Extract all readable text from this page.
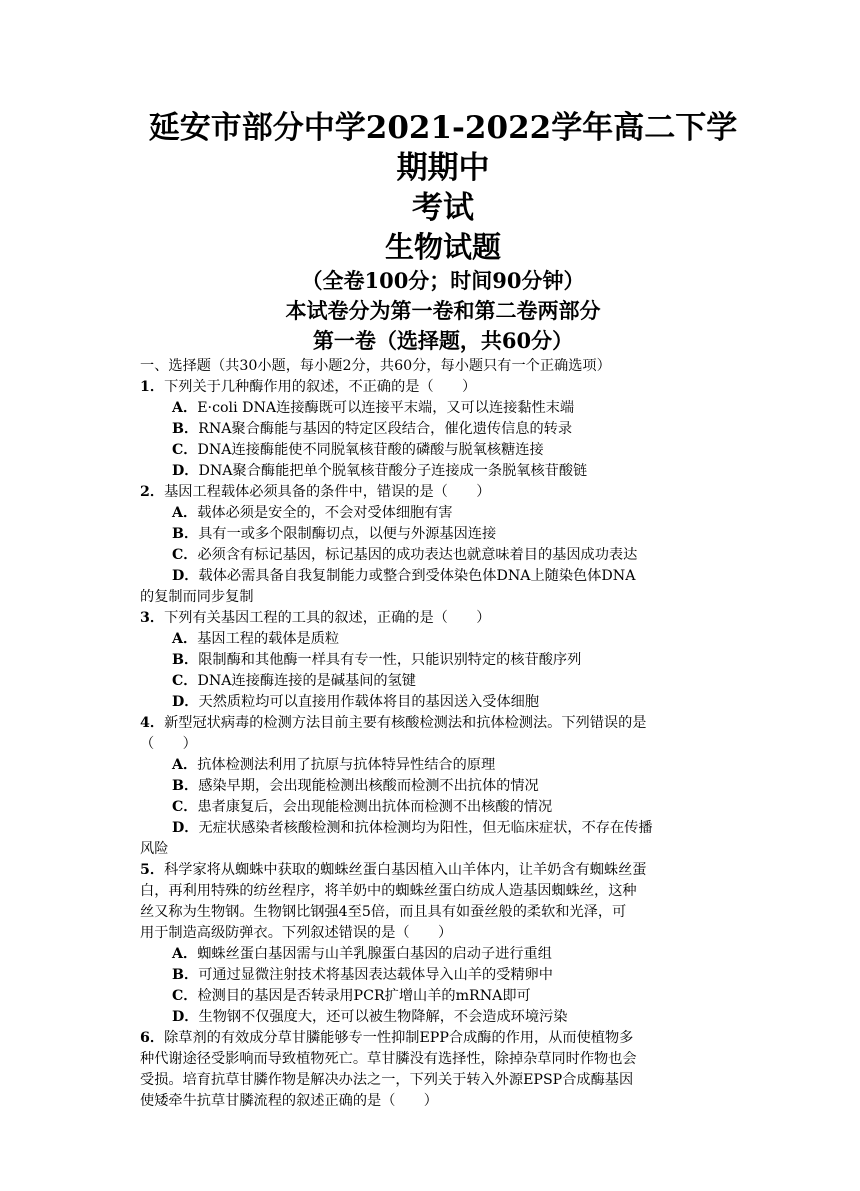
延安市部分中学2021-2022学年高二下学期期中
考试
生物试题
（全卷100分；时间90分钟）
本试卷分为第一卷和第二卷两部分
第一卷（选择题，共60分）
一、选择题（共30小题，每小题2分，共60分，每小题只有一个正确选项）
1．下列关于几种酶作用的叙述，不正确的是（　　）
A．E·coli DNA连接酶既可以连接平末端，又可以连接黏性末端
B．RNA聚合酶能与基因的特定区段结合，催化遗传信息的转录
C．DNA连接酶能使不同脱氧核苷酸的磷酸与脱氧核糖连接
D．DNA聚合酶能把单个脱氧核苷酸分子连接成一条脱氧核苷酸链
2．基因工程载体必须具备的条件中，错误的是（　　）
A．载体必须是安全的，不会对受体细胞有害
B．具有一或多个限制酶切点，以便与外源基因连接
C．必须含有标记基因，标记基因的成功表达也就意味着目的基因成功表达
D．载体必需具备自我复制能力或整合到受体染色体DNA上随染色体DNA
的复制而同步复制
3．下列有关基因工程的工具的叙述，正确的是（　　）
A．基因工程的载体是质粒
B．限制酶和其他酶一样具有专一性，只能识别特定的核苷酸序列
C．DNA连接酶连接的是碱基间的氢键
D．天然质粒均可以直接用作载体将目的基因送入受体细胞
4．新型冠状病毒的检测方法目前主要有核酸检测法和抗体检测法。下列错误的是
（　　）
A．抗体检测法利用了抗原与抗体特异性结合的原理
B．感染早期，会出现能检测出核酸而检测不出抗体的情况
C．患者康复后，会出现能检测出抗体而检测不出核酸的情况
D．无症状感染者核酸检测和抗体检测均为阳性，但无临床症状，不存在传播
风险
5．科学家将从蜘蛛中获取的蜘蛛丝蛋白基因植入山羊体内，让羊奶含有蜘蛛丝蛋
白，再利用特殊的纺丝程序，将羊奶中的蜘蛛丝蛋白纺成人造基因蜘蛛丝，这种
丝又称为生物钢。生物钢比钢强4至5倍，而且具有如蚕丝般的柔软和光泽，可
用于制造高级防弹衣。下列叙述错误的是（　　）
A．蜘蛛丝蛋白基因需与山羊乳腺蛋白基因的启动子进行重组
B．可通过显微注射技术将基因表达载体导入山羊的受精卵中
C．检测目的基因是否转录用PCR扩增山羊的mRNA即可
D．生物钢不仅强度大，还可以被生物降解，不会造成环境污染
6．除草剂的有效成分草甘膦能够专一性抑制EPP合成酶的作用，从而使植物多
种代谢途径受影响而导致植物死亡。草甘膦没有选择性，除掉杂草同时作物也会
受损。培育抗草甘膦作物是解决办法之一，下列关于转入外源EPSP合成酶基因
使矮牵牛抗草甘膦流程的叙述正确的是（　　）
